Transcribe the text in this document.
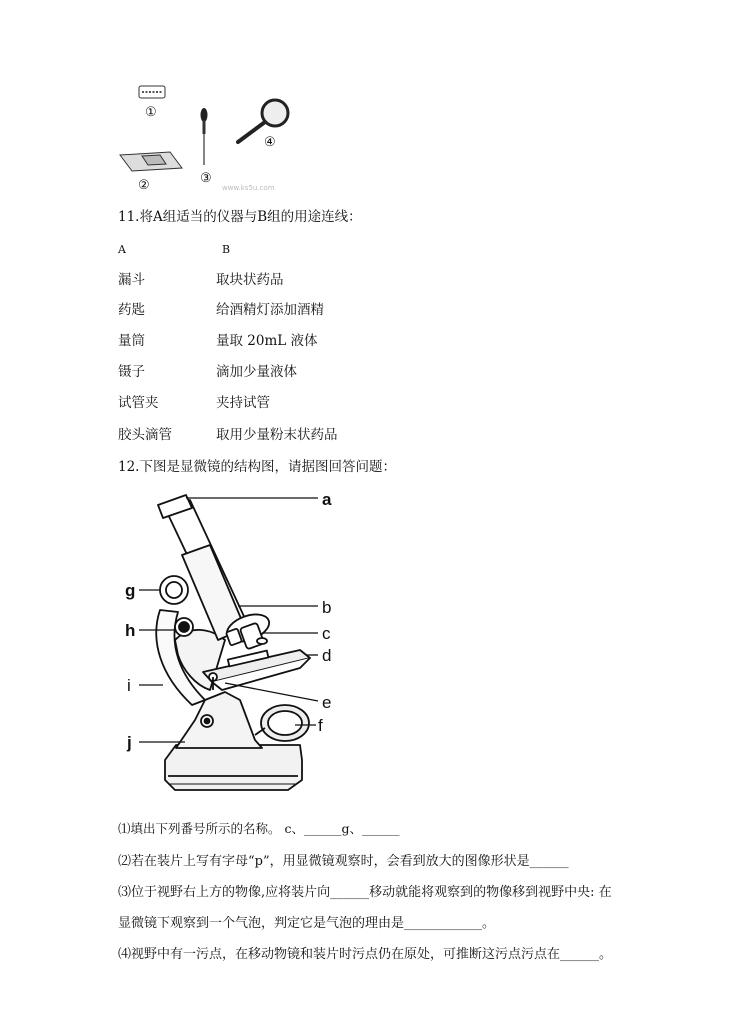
①
②	③
④
www.ks5u.com
11.将A组适当的仪器与B组的用途连线：
A	B
漏斗	取块状药品
药匙	给酒精灯添加酒精
量筒	量取 20mL 液体
镊子	滴加少量液体
试管夹	夹持试管
胶头滴管	取用少量粉末状药品
12.下图是显微镜的结构图，请据图回答问题：
a
b
c
d
e
f
g
h
i
j
⑴填出下列番号所示的名称。 c、______g、______
⑵若在装片上写有字母“p”，用显微镜观察时，会看到放大的图像形状是______
⑶位于视野右上方的物像,应将装片向______移动就能将观察到的物像移到视野中央: 在
显微镜下观察到一个气泡，判定它是气泡的理由是____________。
⑷视野中有一污点，在移动物镜和装片时污点仍在原处，可推断这污点污点在______。
